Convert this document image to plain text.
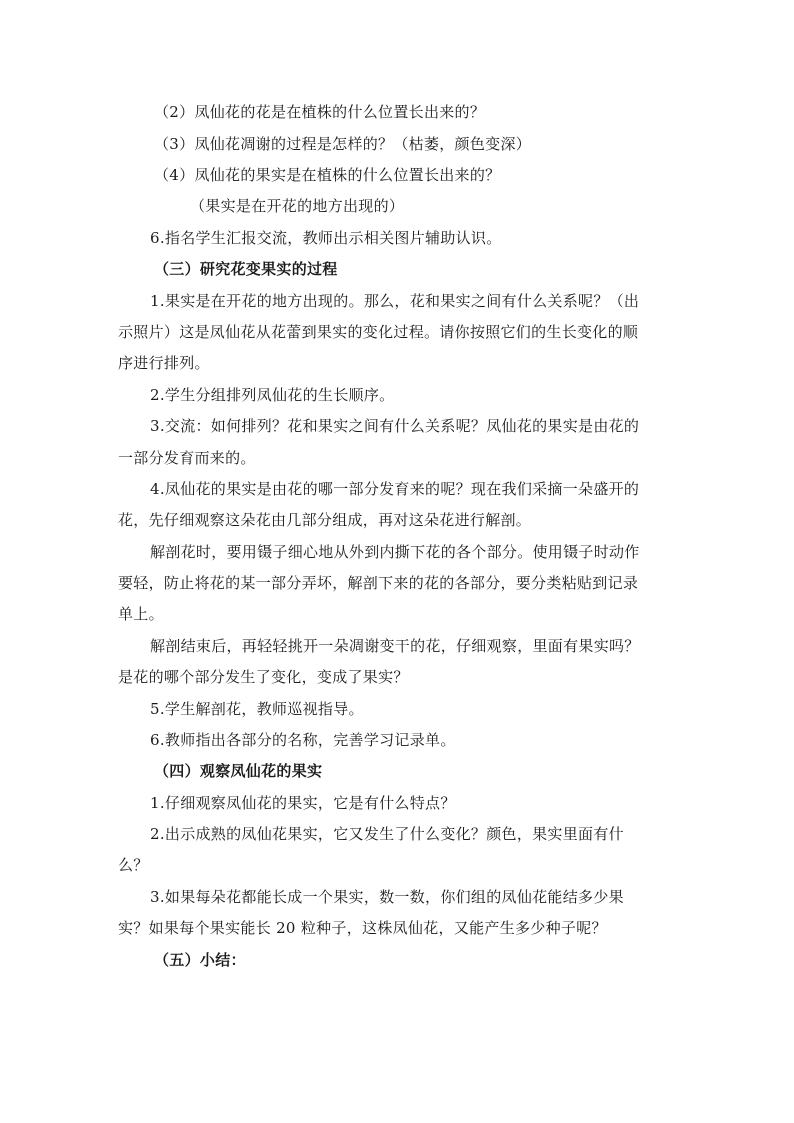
（2）凤仙花的花是在植株的什么位置长出来的？
（3）凤仙花凋谢的过程是怎样的？（枯萎，颜色变深）
（4）凤仙花的果实是在植株的什么位置长出来的？
（果实是在开花的地方出现的）
6.指名学生汇报交流，教师出示相关图片辅助认识。
（三）研究花变果实的过程
1.果实是在开花的地方出现的。那么，花和果实之间有什么关系呢？（出
示照片）这是凤仙花从花蕾到果实的变化过程。请你按照它们的生长变化的顺
序进行排列。
2.学生分组排列凤仙花的生长顺序。
3.交流：如何排列？花和果实之间有什么关系呢？凤仙花的果实是由花的
一部分发育而来的。
4.凤仙花的果实是由花的哪一部分发育来的呢？现在我们采摘一朵盛开的
花，先仔细观察这朵花由几部分组成，再对这朵花进行解剖。
解剖花时，要用镊子细心地从外到内撕下花的各个部分。使用镊子时动作
要轻，防止将花的某一部分弄坏，解剖下来的花的各部分，要分类粘贴到记录
单上。
解剖结束后，再轻轻挑开一朵凋谢变干的花，仔细观察，里面有果实吗？
是花的哪个部分发生了变化，变成了果实？
5.学生解剖花，教师巡视指导。
6.教师指出各部分的名称，完善学习记录单。
（四）观察凤仙花的果实
1.仔细观察凤仙花的果实，它是有什么特点？
2.出示成熟的凤仙花果实，它又发生了什么变化？颜色，果实里面有什
么？
3.如果每朵花都能长成一个果实，数一数，你们组的凤仙花能结多少果
实？如果每个果实能长 20 粒种子，这株凤仙花，又能产生多少种子呢？
（五）小结：
